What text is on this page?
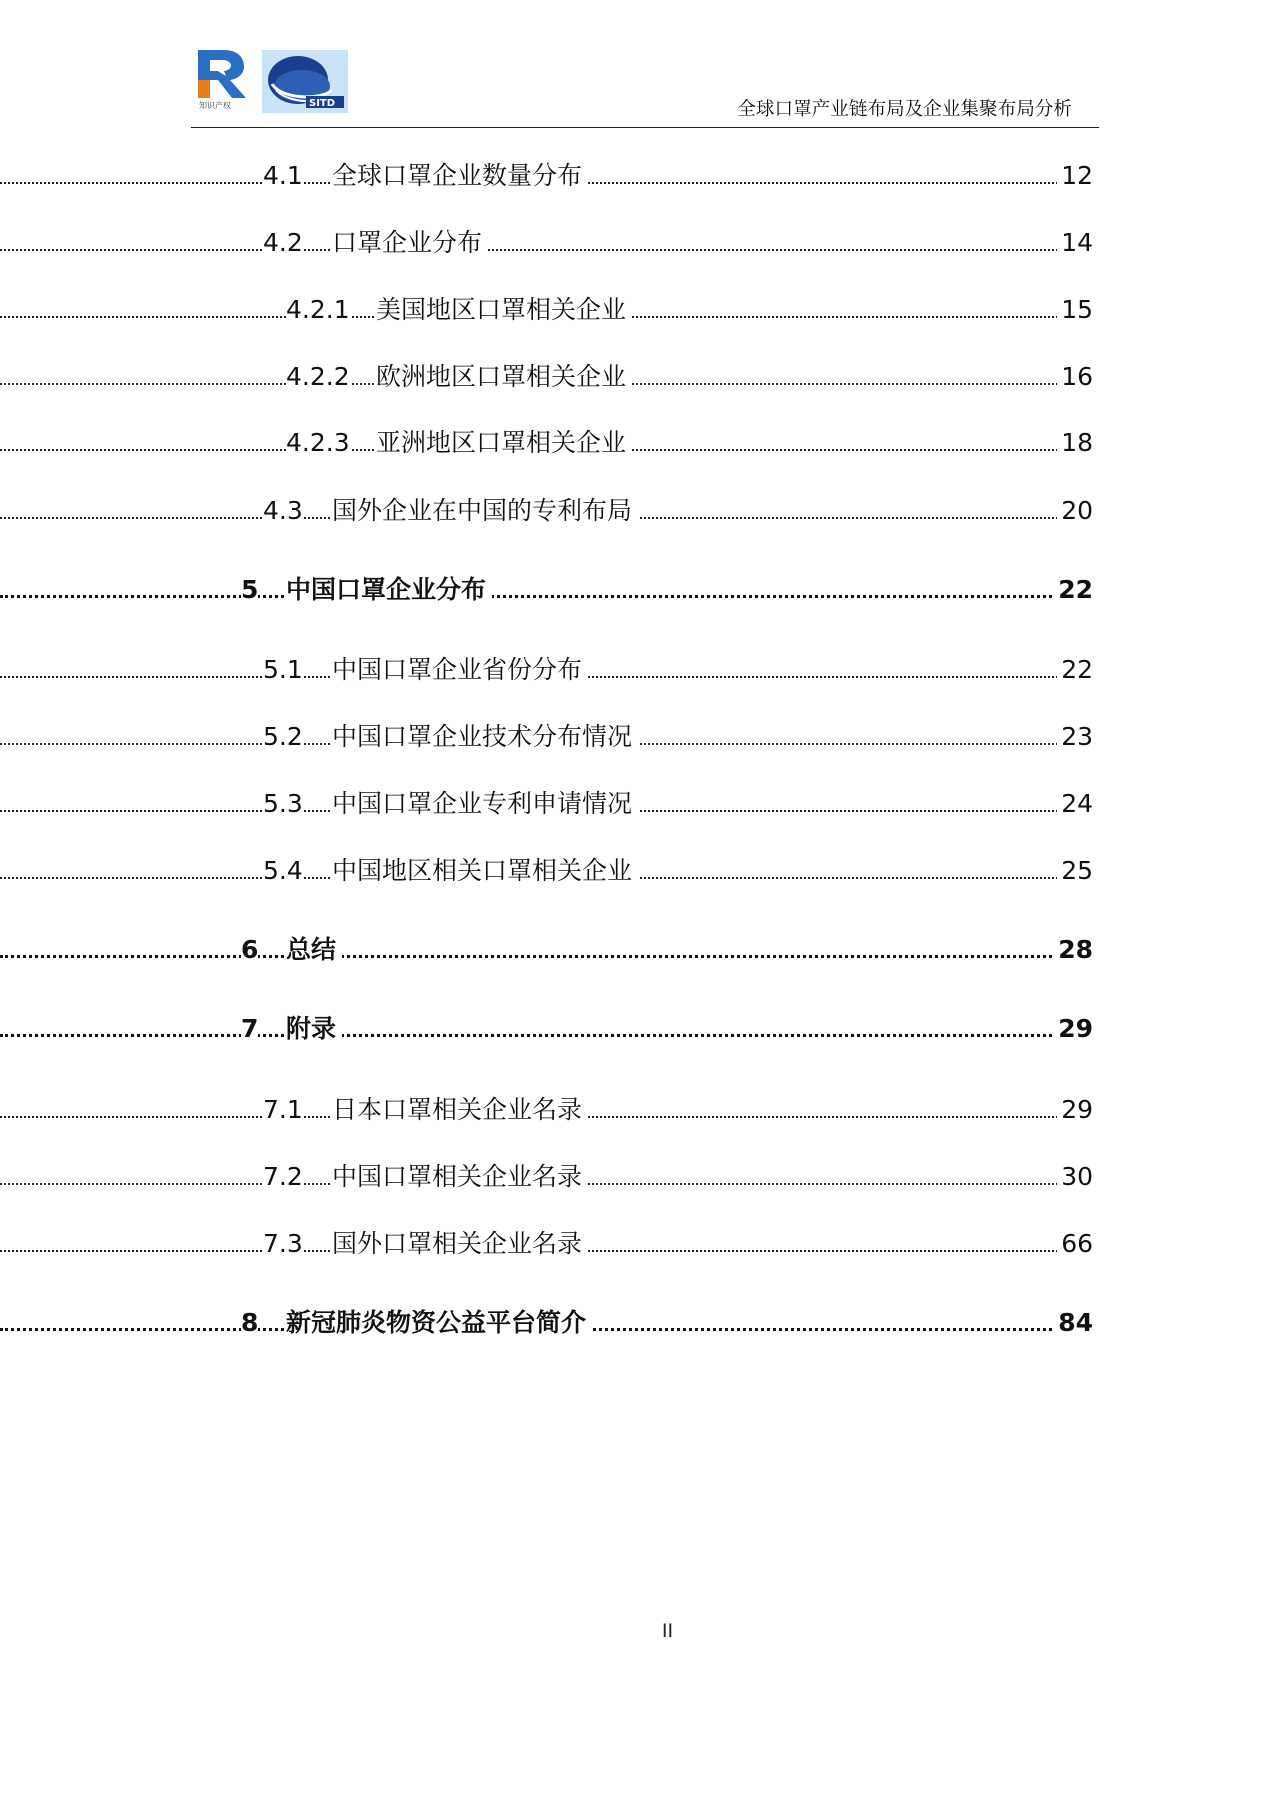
知识产权	SITD	全球口罩产业链布局及企业集聚布局分析
4.1 全球口罩企业数量分布	12
4.2 口罩企业分布	14
4.2.1 美国地区口罩相关企业	15
4.2.2 欧洲地区口罩相关企业	16
4.2.3 亚洲地区口罩相关企业	18
4.3 国外企业在中国的专利布局	20
5 中国口罩企业分布	22
5.1 中国口罩企业省份分布	22
5.2 中国口罩企业技术分布情况	23
5.3 中国口罩企业专利申请情况	24
5.4 中国地区相关口罩相关企业	25
6 总结	28
7 附录	29
7.1 日本口罩相关企业名录	29
7.2 中国口罩相关企业名录	30
7.3 国外口罩相关企业名录	66
8 新冠肺炎物资公益平台简介	84
II
